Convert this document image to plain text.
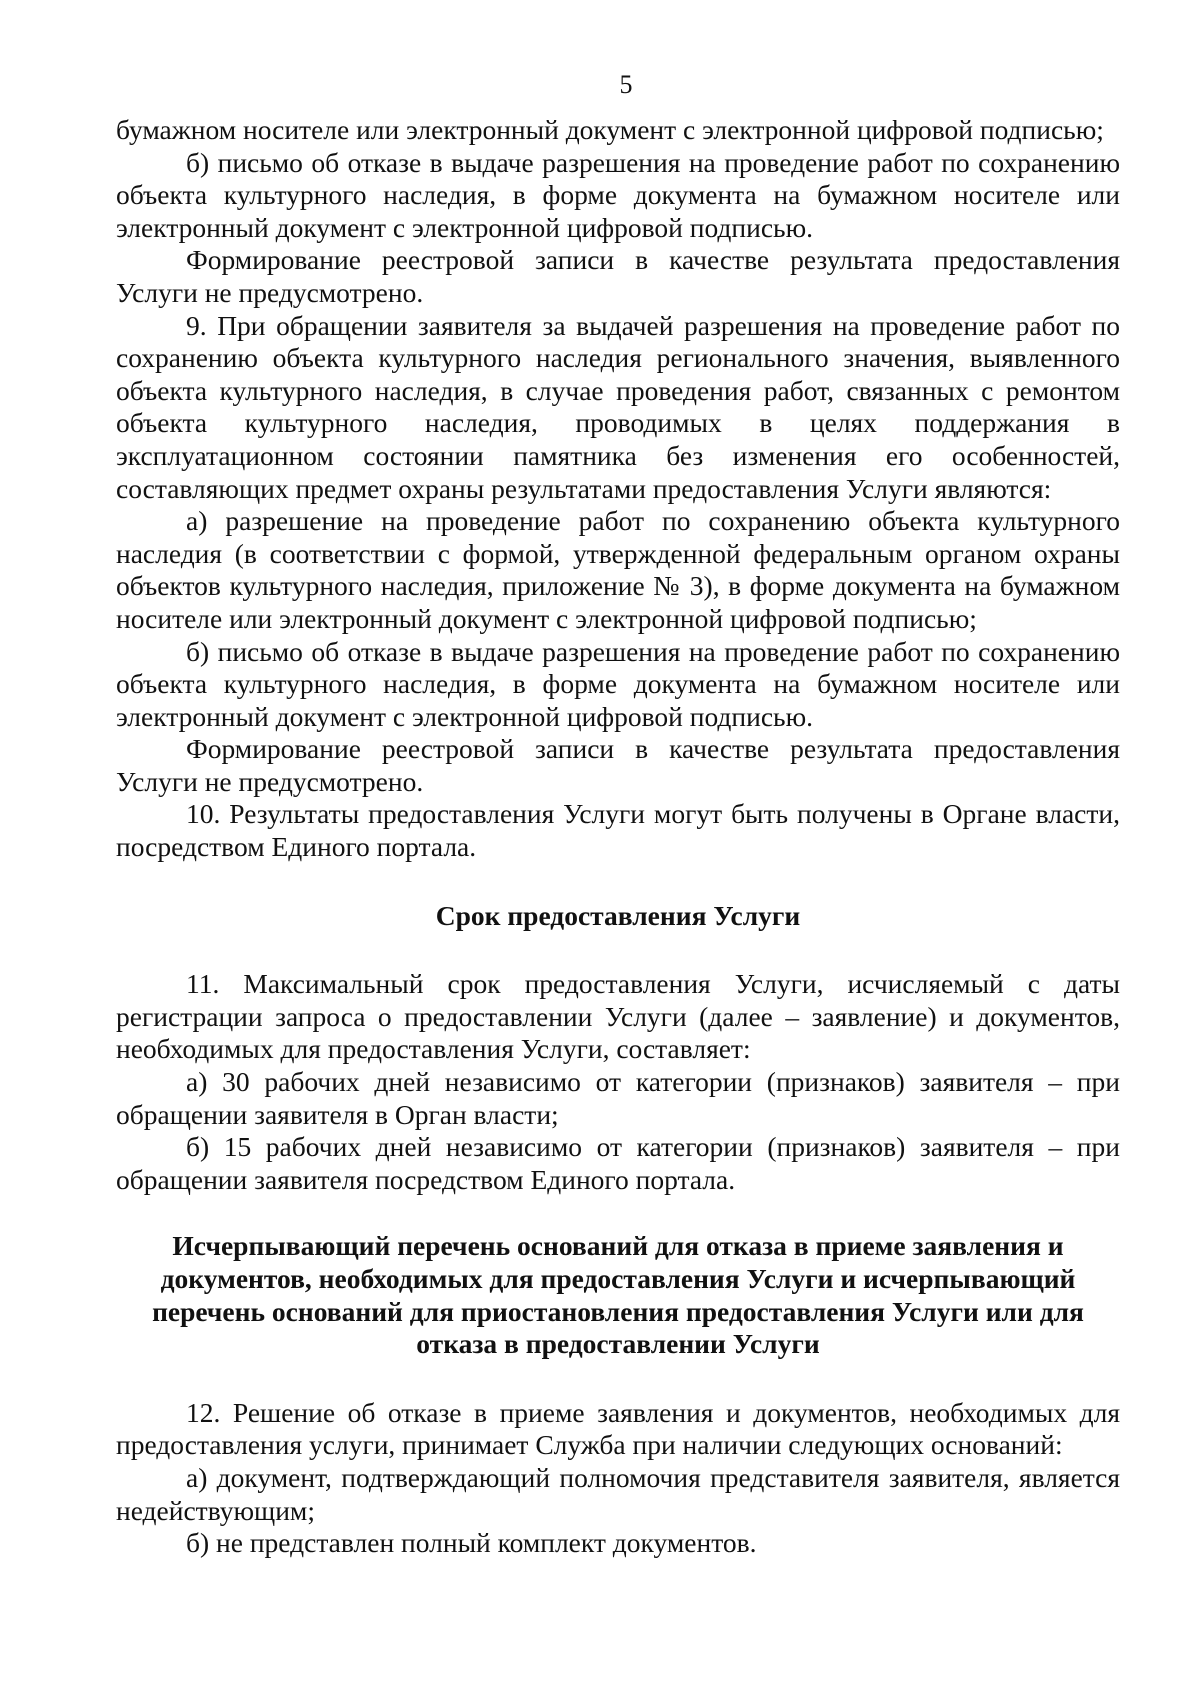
5

бумажном носителе или электронный документ с электронной цифровой подписью;

б) письмо об отказе в выдаче разрешения на проведение работ по сохранению объекта культурного наследия, в форме документа на бумажном носителе или электронный документ с электронной цифровой подписью.

Формирование реестровой записи в качестве результата предоставления Услуги не предусмотрено.

9. При обращении заявителя за выдачей разрешения на проведение работ по сохранению объекта культурного наследия регионального значения, выявленного объекта культурного наследия, в случае проведения работ, связанных с ремонтом объекта культурного наследия, проводимых в целях поддержания в эксплуатационном состоянии памятника без изменения его особенностей, составляющих предмет охраны результатами предоставления Услуги являются:

а) разрешение на проведение работ по сохранению объекта культурного наследия (в соответствии с формой, утвержденной федеральным органом охраны объектов культурного наследия, приложение № 3), в форме документа на бумажном носителе или электронный документ с электронной цифровой подписью;

б) письмо об отказе в выдаче разрешения на проведение работ по сохранению объекта культурного наследия, в форме документа на бумажном носителе или электронный документ с электронной цифровой подписью.

Формирование реестровой записи в качестве результата предоставления Услуги не предусмотрено.

10. Результаты предоставления Услуги могут быть получены в Органе власти, посредством Единого портала.

Срок предоставления Услуги

11. Максимальный срок предоставления Услуги, исчисляемый с даты регистрации запроса о предоставлении Услуги (далее – заявление) и документов, необходимых для предоставления Услуги, составляет:

а) 30 рабочих дней независимо от категории (признаков) заявителя – при обращении заявителя в Орган власти;

б) 15 рабочих дней независимо от категории (признаков) заявителя – при обращении заявителя посредством Единого портала.

Исчерпывающий перечень оснований для отказа в приеме заявления и документов, необходимых для предоставления Услуги и исчерпывающий перечень оснований для приостановления предоставления Услуги или для отказа в предоставлении Услуги

12. Решение об отказе в приеме заявления и документов, необходимых для предоставления услуги, принимает Служба при наличии следующих оснований:

а) документ, подтверждающий полномочия представителя заявителя, является недействующим;

б) не представлен полный комплект документов.
